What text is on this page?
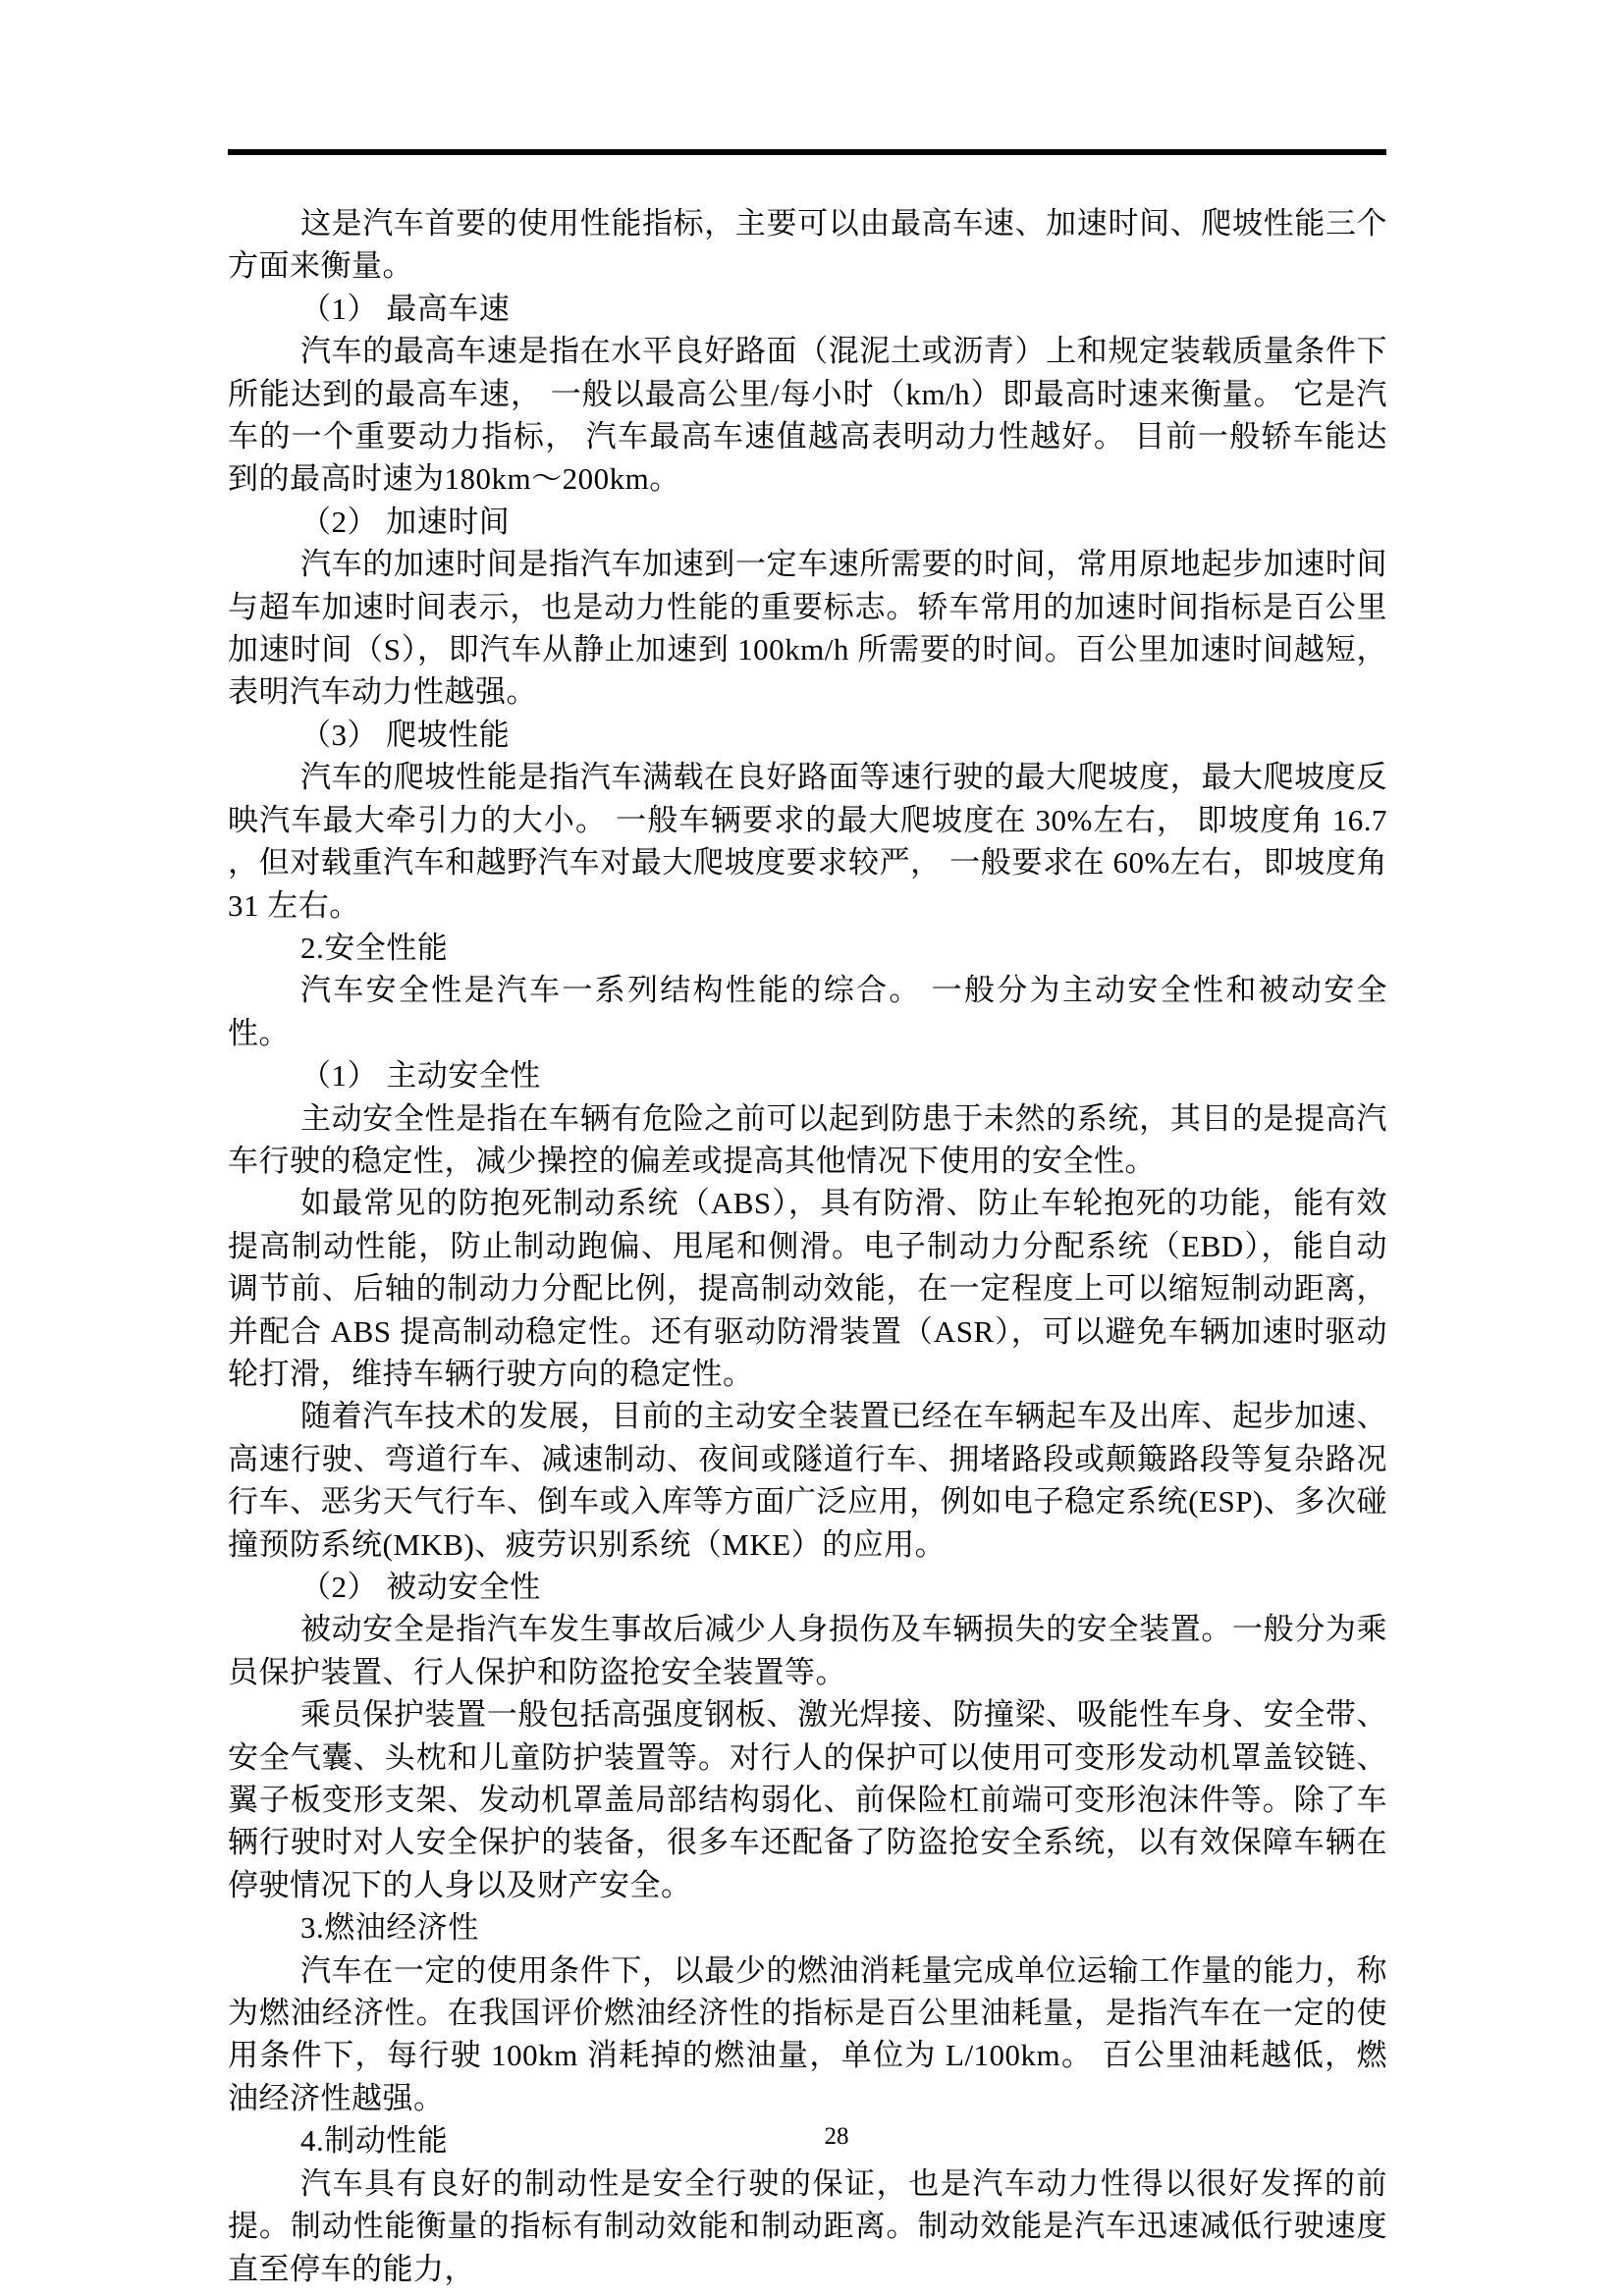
这是汽车首要的使用性能指标，主要可以由最高车速、加速时间、爬坡性能三个方面来衡量。

（1） 最高车速

汽车的最高车速是指在水平良好路面（混泥土或沥青）上和规定装载质量条件下所能达到的最高车速， 一般以最高公里/每小时（km/h）即最高时速来衡量。 它是汽车的一个重要动力指标， 汽车最高车速值越高表明动力性越好。 目前一般轿车能达到的最高时速为180km～200km。

（2） 加速时间

汽车的加速时间是指汽车加速到一定车速所需要的时间，常用原地起步加速时间与超车加速时间表示，也是动力性能的重要标志。轿车常用的加速时间指标是百公里加速时间（S），即汽车从静止加速到 100km/h 所需要的时间。百公里加速时间越短，表明汽车动力性越强。

（3） 爬坡性能

汽车的爬坡性能是指汽车满载在良好路面等速行驶的最大爬坡度，最大爬坡度反映汽车最大牵引力的大小。 一般车辆要求的最大爬坡度在 30%左右， 即坡度角 16.7 ，但对载重汽车和越野汽车对最大爬坡度要求较严， 一般要求在 60%左右，即坡度角 31 左右。

2.安全性能

汽车安全性是汽车一系列结构性能的综合。 一般分为主动安全性和被动安全性。

（1） 主动安全性

主动安全性是指在车辆有危险之前可以起到防患于未然的系统，其目的是提高汽车行驶的稳定性，减少操控的偏差或提高其他情况下使用的安全性。

如最常见的防抱死制动系统（ABS），具有防滑、防止车轮抱死的功能，能有效提高制动性能，防止制动跑偏、甩尾和侧滑。电子制动力分配系统（EBD），能自动调节前、后轴的制动力分配比例，提高制动效能，在一定程度上可以缩短制动距离，并配合 ABS 提高制动稳定性。还有驱动防滑装置（ASR），可以避免车辆加速时驱动轮打滑，维持车辆行驶方向的稳定性。

随着汽车技术的发展，目前的主动安全装置已经在车辆起车及出库、起步加速、高速行驶、弯道行车、减速制动、夜间或隧道行车、拥堵路段或颠簸路段等复杂路况行车、恶劣天气行车、倒车或入库等方面广泛应用，例如电子稳定系统(ESP)、多次碰撞预防系统(MKB)、疲劳识别系统（MKE）的应用。

（2） 被动安全性

被动安全是指汽车发生事故后减少人身损伤及车辆损失的安全装置。一般分为乘员保护装置、行人保护和防盗抢安全装置等。

乘员保护装置一般包括高强度钢板、激光焊接、防撞梁、吸能性车身、安全带、安全气囊、头枕和儿童防护装置等。对行人的保护可以使用可变形发动机罩盖铰链、翼子板变形支架、发动机罩盖局部结构弱化、前保险杠前端可变形泡沫件等。除了车辆行驶时对人安全保护的装备，很多车还配备了防盗抢安全系统，以有效保障车辆在停驶情况下的人身以及财产安全。

3.燃油经济性

汽车在一定的使用条件下，以最少的燃油消耗量完成单位运输工作量的能力，称为燃油经济性。在我国评价燃油经济性的指标是百公里油耗量，是指汽车在一定的使用条件下，每行驶 100km 消耗掉的燃油量，单位为 L/100km。 百公里油耗越低，燃油经济性越强。

4.制动性能

汽车具有良好的制动性是安全行驶的保证，也是汽车动力性得以很好发挥的前提。制动性能衡量的指标有制动效能和制动距离。制动效能是汽车迅速减低行驶速度直至停车的能力，

28
